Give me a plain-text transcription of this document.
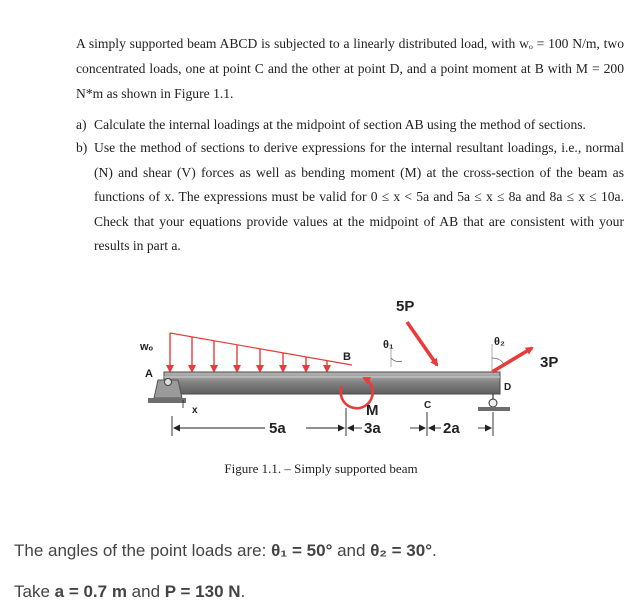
A simply supported beam ABCD is subjected to a linearly distributed load, with wₒ = 100 N/m, two concentrated loads, one at point C and the other at point D, and a point moment at B with M = 200 N*m as shown in Figure 1.1.
a) Calculate the internal loadings at the midpoint of section AB using the method of sections.
b) Use the method of sections to derive expressions for the internal resultant loadings, i.e., normal (N) and shear (V) forces as well as bending moment (M) at the cross-section of the beam as functions of x. The expressions must be valid for 0 ≤ x < 5a and 5a ≤ x ≤ 8a and 8a ≤ x ≤ 10a. Check that your equations provide values at the midpoint of AB that are consistent with your results in part a.
5P
3P
wₒ
A
B
C
D
M
x
θ₁	θ₂
5a	3a	2a
Figure 1.1. – Simply supported beam
The angles of the point loads are: θ₁ = 50° and θ₂ = 30°.
Take a = 0.7 m and P = 130 N.
